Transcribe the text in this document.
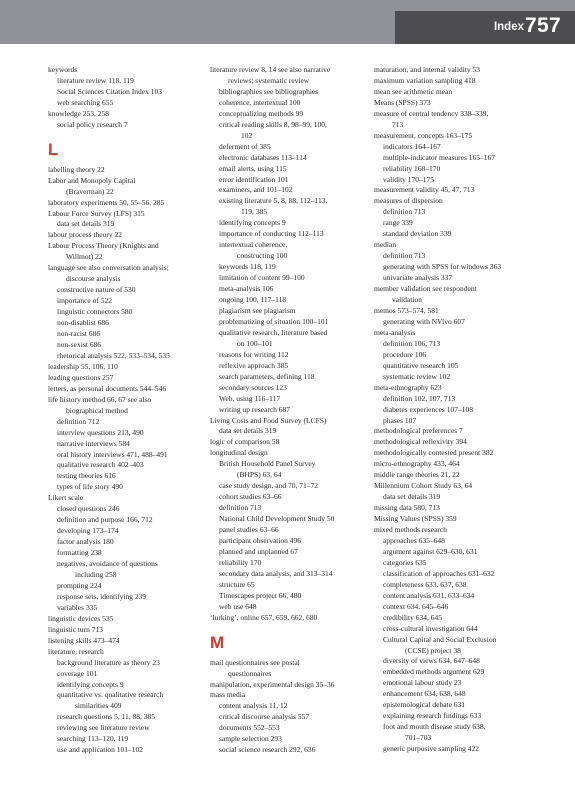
Index 757
keywords
literature review 118, 119
Social Sciences Citation Index 103
web searching 655
knowledge 253, 258
social policy research 7
L
labelling theory 22
Labor and Monopoly Capital
(Braverman) 22
laboratory experiments 50, 55–56, 285
Labour Force Survey (LFS) 315
data set details 319
labour process theory 22
Labour Process Theory (Knights and
Willmot) 22
language see also conversation analysis;
discourse analysis
constructive nature of 530
importance of 522
linguistic connectors 580
non-disablist 686
non-racist 686
non-sexist 686
rhetorical analysis 522, 533–534, 535
leadership 55, 106, 110
leading questions 257
letters, as personal documents 544–546
life history method 66, 67 see also
biographical method
definition 712
interview questions 213, 490
narrative interviews 584
oral history interviews 471, 488–491
qualitative research 402–403
testing theories 616
types of life story 490
Likert scale
closed questions 246
definition and purpose 166, 712
developing 173–174
factor analysis 180
formatting 238
negatives, avoidance of questions
including 258
prompting 224
response sets, identifying 239
variables 335
linguistic devices 535
linguistic turn 713
listening skills 473–474
literature, research
background literature as theory 23
coverage 101
identifying concepts 9
quantitative vs. qualitative research
similarities 409
research questions 5, 11, 88, 385
reviewing see literature review
searching 113–120, 119
use and application 101–102
literature review 8, 14 see also narrative
reviews; systematic review
bibliographies see bibliographies
coherence, intertextual 100
conceptualizing methods 99
critical reading skills 8, 98–99, 100,
102
deferment of 385
electronic databases 113–114
email alerts, using 115
error identification 101
examiners, and 101–102
existing literature 5, 8, 88, 112–113,
119, 385
identifying concepts 9
importance of conducting 112–113
intertextual coherence,
constructing 100
keywords 118, 119
limitation of content 99–100
meta-analysis 106
ongoing 100, 117–118
plagiarism see plagiarism
problematizing of situation 100–101
qualitative research, literature based
on 100–101
reasons for writing 112
reflexive approach 385
search parameters, defining 118
secondary sources 123
Web, using 116–117
writing up research 687
Living Costs and Food Survey (LCFS)
data set details 319
logic of comparison 58
longitudinal design
British Household Panel Survey
(BHPS) 63, 64
case study design, and 70, 71–72
cohort studies 63–66
definition 713
National Child Development Study 50
panel studies 63–66
participant observation 496
planned and unplanned 67
reliability 170
secondary data analysis, and 313–314
structure 65
Timescapes project 66, 480
web use 648
‘lurking’, online 657, 659, 662, 680
M
mail questionnaires see postal
questionnaires
manipulation, experimental design 35–36
mass media
content analysis 11, 12
critical discourse analysis 557
documents 552–553
sample selection 293
social science research 292, 636
maturation, and internal validity 53
maximum variation sampling 418
mean see arithmetic mean
Means (SPSS) 373
measure of central tendency 338–339,
713
measurement, concepts 163–175
indicators 164–167
multiple-indicator measures 165–167
reliability 168–170
validity 170–175
measurement validity 45, 47, 713
measures of dispersion
definition 713
range 339
standard deviation 339
median
definition 713
generating with SPSS for windows 363
univariate analysis 337
member validation see respondent
validation
memos 573–574, 581
generating with NVivo 607
meta-analysis
definition 106, 713
procedure 106
quantitative research 105
systematic review 102
meta-ethnography 623
definition 102, 107, 713
diabetes experiences 107–108
phases 107
methodological preferences 7
methodological reflexivity 394
methodologically contested present 382
micro-ethnography 433, 464
middle range theories 21, 22
Millennium Cohort Study 63, 64
data set details 319
missing data 580, 713
Missing Values (SPSS) 359
mixed methods research
approaches 635–648
argument against 629–630, 631
categories 635
classification of approaches 631–632
completeness 633, 637, 638
content analysis 631, 633–634
context 634, 645–646
credibility 634, 645
cross-cultural investigation 644
Cultural Capital and Social Exclusion
(CCSE) project 38
diversity of views 634, 647–648
embedded methods argument 629
emotional labour study 23
enhancement 634, 638, 648
epistemological debate 631
explaining research findings 633
foot and mouth disease study 638,
701–703
generic purposive sampling 422
